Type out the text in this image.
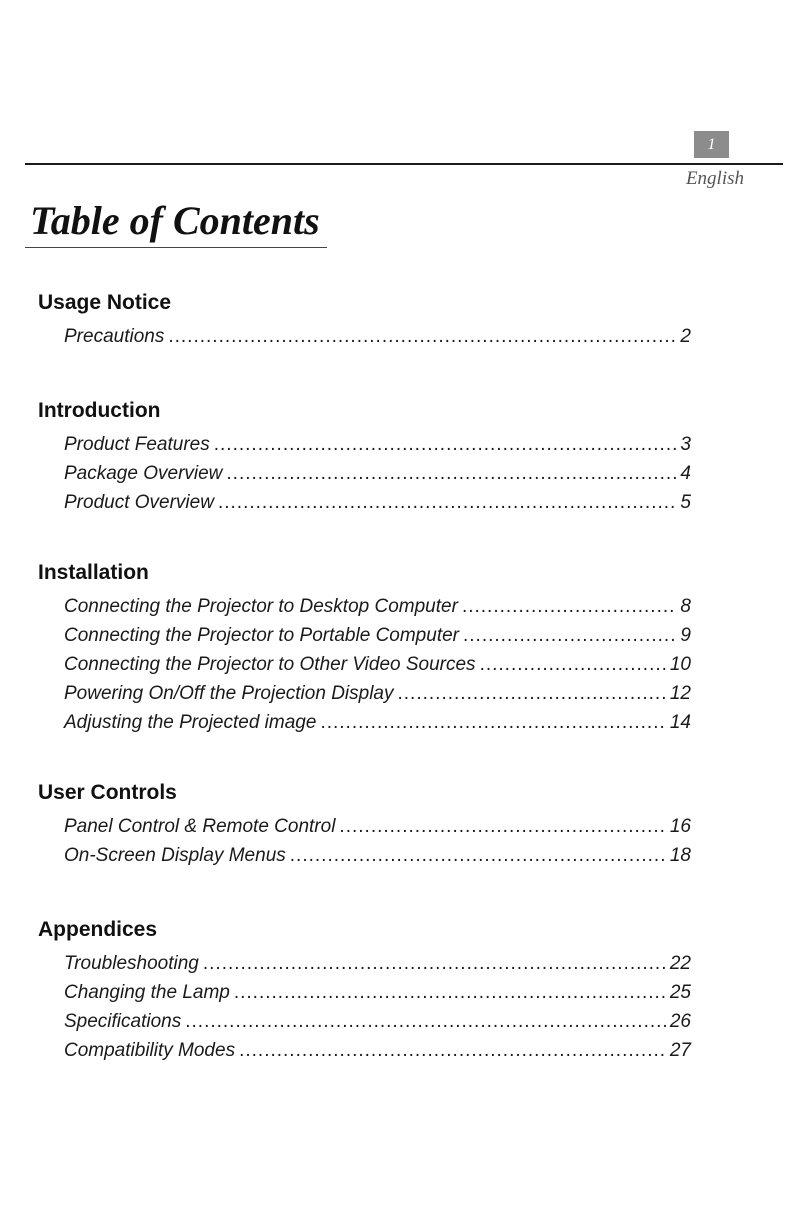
1
English
Table of Contents
Usage Notice
Precautions .....	2
Introduction
Product Features .....	3
Package Overview .....	4
Product Overview .....	5
Installation
Connecting the Projector to Desktop Computer .....	8
Connecting the Projector to Portable Computer .....	9
Connecting the Projector to Other Video Sources .....	10
Powering On/Off the Projection Display .....	12
Adjusting the Projected image .....	14
User Controls
Panel Control & Remote Control .....	16
On-Screen Display Menus .....	18
Appendices
Troubleshooting .....	22
Changing the Lamp .....	25
Specifications .....	26
Compatibility Modes .....	27
